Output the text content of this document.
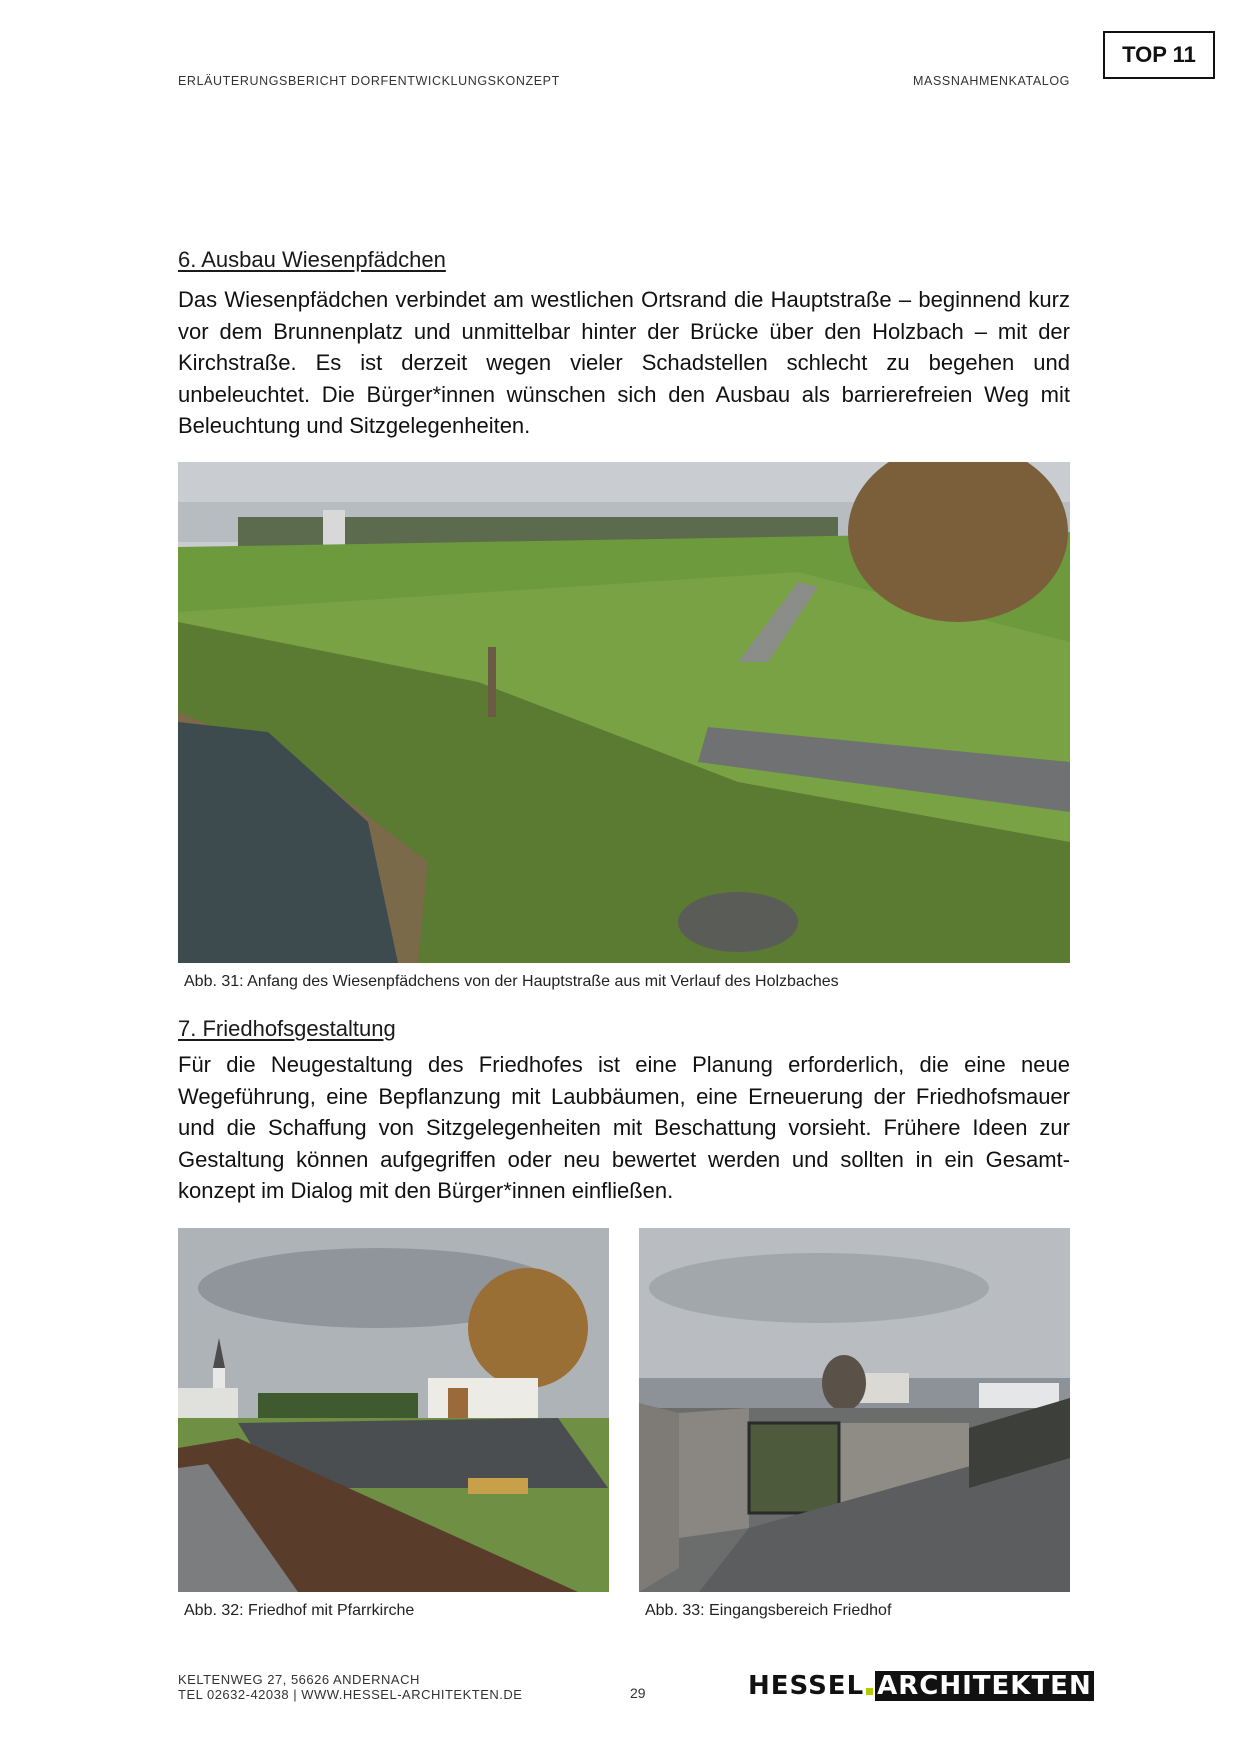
ERLÄUTERUNGSBERICHT DORFENTWICKLUNGSKONZEPT	MASSNAHMENKATALOG
TOP 11
6. Ausbau Wiesenpfädchen

Das Wiesenpfädchen verbindet am westlichen Ortsrand die Hauptstraße – beginnend kurz vor dem Brunnenplatz und unmittelbar hinter der Brücke über den Holzbach – mit der Kirchstraße. Es ist derzeit wegen vieler Schadstellen schlecht zu begehen und unbeleuchtet. Die Bürger*innen wünschen sich den Ausbau als barrierefreien Weg mit Beleuchtung und Sitzgelegenheiten.

Abb. 31: Anfang des Wiesenpfädchens von der Hauptstraße aus mit Verlauf des Holzbaches
7. Friedhofsgestaltung

Für die Neugestaltung des Friedhofes ist eine Planung erforderlich, die eine neue Wegeführung, eine Bepflanzung mit Laubbäumen, eine Erneuerung der Friedhofsmauer und die Schaffung von Sitzgelegenheiten mit Beschattung vorsieht. Frühere Ideen zur Gestaltung können aufgegriffen oder neu bewertet werden und sollten in ein Gesamt-konzept im Dialog mit den Bürger*innen einfließen.

Abb. 32: Friedhof mit Pfarrkirche	Abb. 33: Eingangsbereich Friedhof
KELTENWEG 27, 56626 ANDERNACH
TEL 02632-42038 | WWW.HESSEL-ARCHITEKTEN.DE	29	HESSEL ARCHITEKTEN
